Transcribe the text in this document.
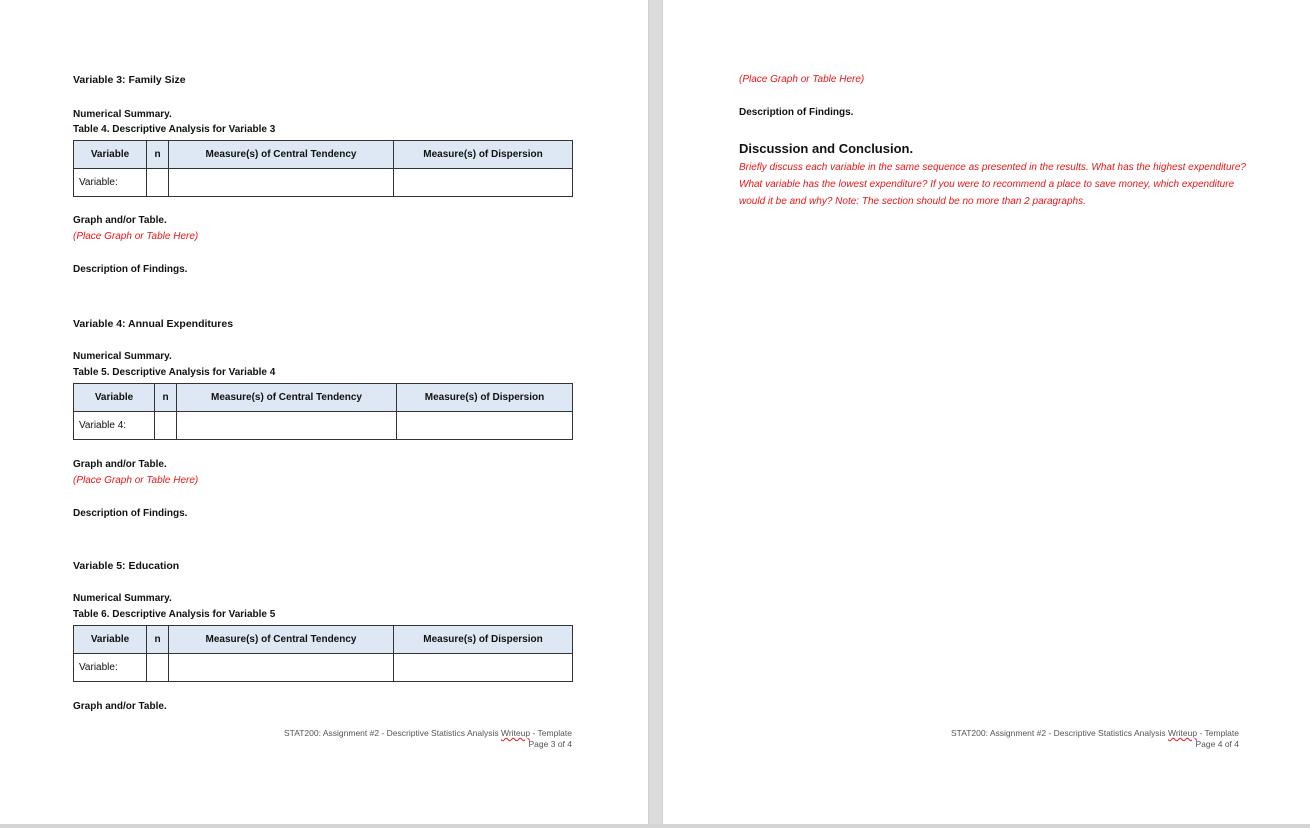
Variable 3: Family Size
Numerical Summary.
Table 4. Descriptive Analysis for Variable 3
Variable	n	Measure(s) of Central Tendency	Measure(s) of Dispersion
Variable:			
Graph and/or Table.
(Place Graph or Table Here)
Description of Findings.
Variable 4: Annual Expenditures
Numerical Summary.
Table 5. Descriptive Analysis for Variable 4
Variable	n	Measure(s) of Central Tendency	Measure(s) of Dispersion
Variable 4:			
Graph and/or Table.
(Place Graph or Table Here)
Description of Findings.
Variable 5: Education
Numerical Summary.
Table 6. Descriptive Analysis for Variable 5
Variable	n	Measure(s) of Central Tendency	Measure(s) of Dispersion
Variable:			
Graph and/or Table.
STAT200: Assignment #2 - Descriptive Statistics Analysis Writeup - Template
Page 3 of 4
(Place Graph or Table Here)
Description of Findings.
Discussion and Conclusion.
Briefly discuss each variable in the same sequence as presented in the results. What has the highest expenditure? What variable has the lowest expenditure? If you were to recommend a place to save money, which expenditure would it be and why? Note: The section should be no more than 2 paragraphs.
STAT200: Assignment #2 - Descriptive Statistics Analysis Writeup - Template
Page 4 of 4
